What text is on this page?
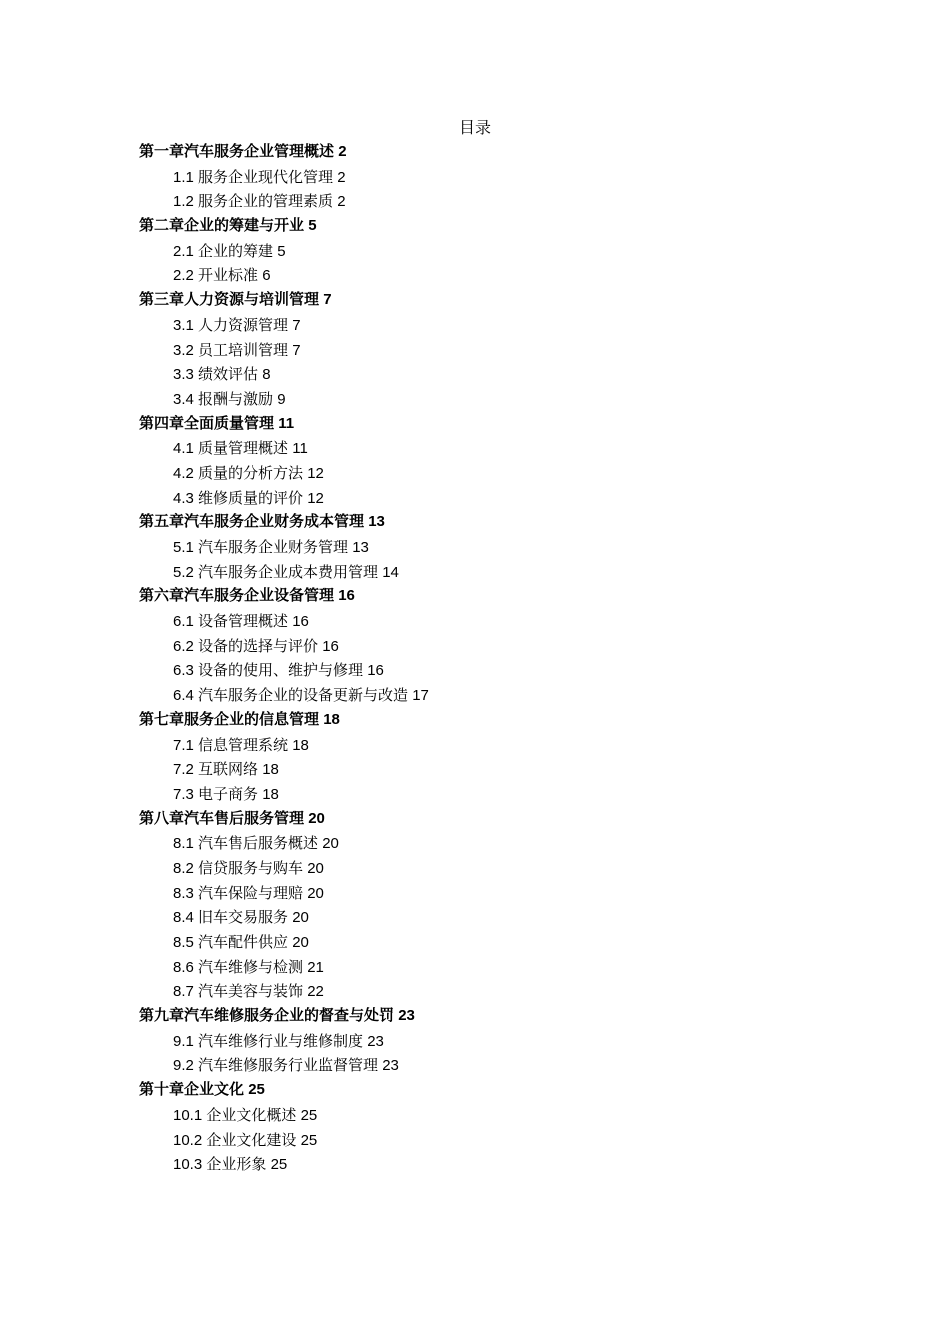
目录
第一章汽车服务企业管理概述 2
1.1 服务企业现代化管理 2
1.2 服务企业的管理素质 2
第二章企业的筹建与开业 5
2.1 企业的筹建 5
2.2 开业标准 6
第三章人力资源与培训管理 7
3.1 人力资源管理 7
3.2 员工培训管理 7
3.3 绩效评估 8
3.4 报酬与激励 9
第四章全面质量管理 11
4.1 质量管理概述 11
4.2 质量的分析方法 12
4.3 维修质量的评价 12
第五章汽车服务企业财务成本管理 13
5.1 汽车服务企业财务管理 13
5.2 汽车服务企业成本费用管理 14
第六章汽车服务企业设备管理 16
6.1 设备管理概述 16
6.2 设备的选择与评价 16
6.3 设备的使用、维护与修理 16
6.4 汽车服务企业的设备更新与改造 17
第七章服务企业的信息管理 18
7.1 信息管理系统 18
7.2 互联网络 18
7.3 电子商务 18
第八章汽车售后服务管理 20
8.1 汽车售后服务概述 20
8.2 信贷服务与购车 20
8.3 汽车保险与理赔 20
8.4 旧车交易服务 20
8.5 汽车配件供应 20
8.6 汽车维修与检测 21
8.7 汽车美容与装饰 22
第九章汽车维修服务企业的督查与处罚 23
9.1 汽车维修行业与维修制度 23
9.2 汽车维修服务行业监督管理 23
第十章企业文化 25
10.1 企业文化概述 25
10.2 企业文化建设 25
10.3 企业形象 25
